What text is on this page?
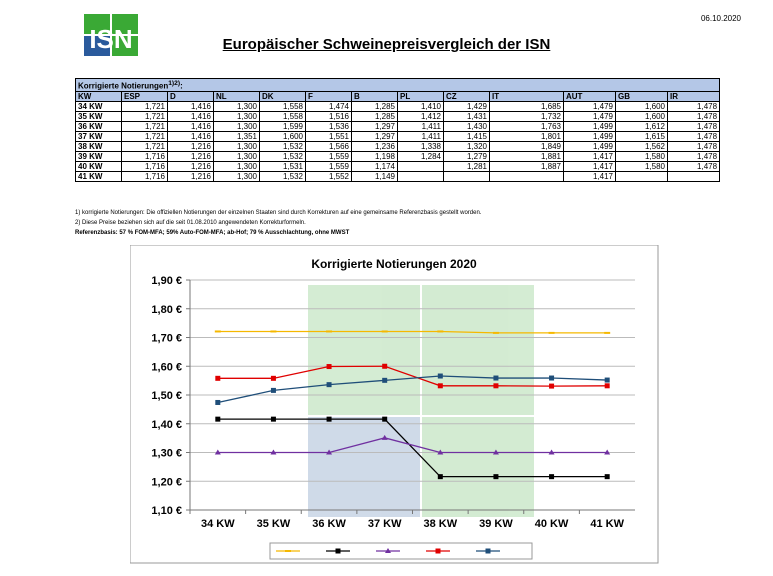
ISN
06.10.2020
Europäischer Schweinepreisvergleich der ISN
Korrigierte Notierungen$^{1)2)}$:												
KW	ESP	D	NL	DK	F	B	PL	CZ	IT	AUT	GB	IR
34 KW	1,721	1,416	1,300	1,558	1,474	1,285	1,410	1,429	1,685	1,479	1,600	1,478
35 KW	1,721	1,416	1,300	1,558	1,516	1,285	1,412	1,431	1,732	1,479	1,600	1,478
36 KW	1,721	1,416	1,300	1,599	1,536	1,297	1,411	1,430	1,763	1,499	1,612	1,478
37 KW	1,721	1,416	1,351	1,600	1,551	1,297	1,411	1,415	1,801	1,499	1,615	1,478
38 KW	1,721	1,216	1,300	1,532	1,566	1,236	1,338	1,320	1,849	1,499	1,562	1,478
39 KW	1,716	1,216	1,300	1,532	1,559	1,198	1,284	1,279	1,881	1,417	1,580	1,478
40 KW	1,716	1,216	1,300	1,531	1,559	1,174		1,281	1,887	1,417	1,580	1,478
41 KW	1,716	1,216	1,300	1,532	1,552	1,149				1,417		
1) korrigierte Notierungen: Die offiziellen Notierungen der einzelnen Staaten sind durch Korrekturen auf eine gemeinsame Referenzbasis gestellt worden.
2) Diese Preise beziehen sich auf die seit 01.08.2010 angewendeten Korrekturformeln.
Referenzbasis: 57 % FOM-MFA; 59% Auto-FOM-MFA; ab-Hof; 79 % Ausschlachtung, ohne MWST
Korrigierte Notierungen 2020
1,10 €
1,20 €
1,30 €
1,40 €
1,50 €
1,60 €
1,70 €
1,80 €
1,90 €
34 KW 35 KW 36 KW 37 KW 38 KW 39 KW 40 KW 41 KW
